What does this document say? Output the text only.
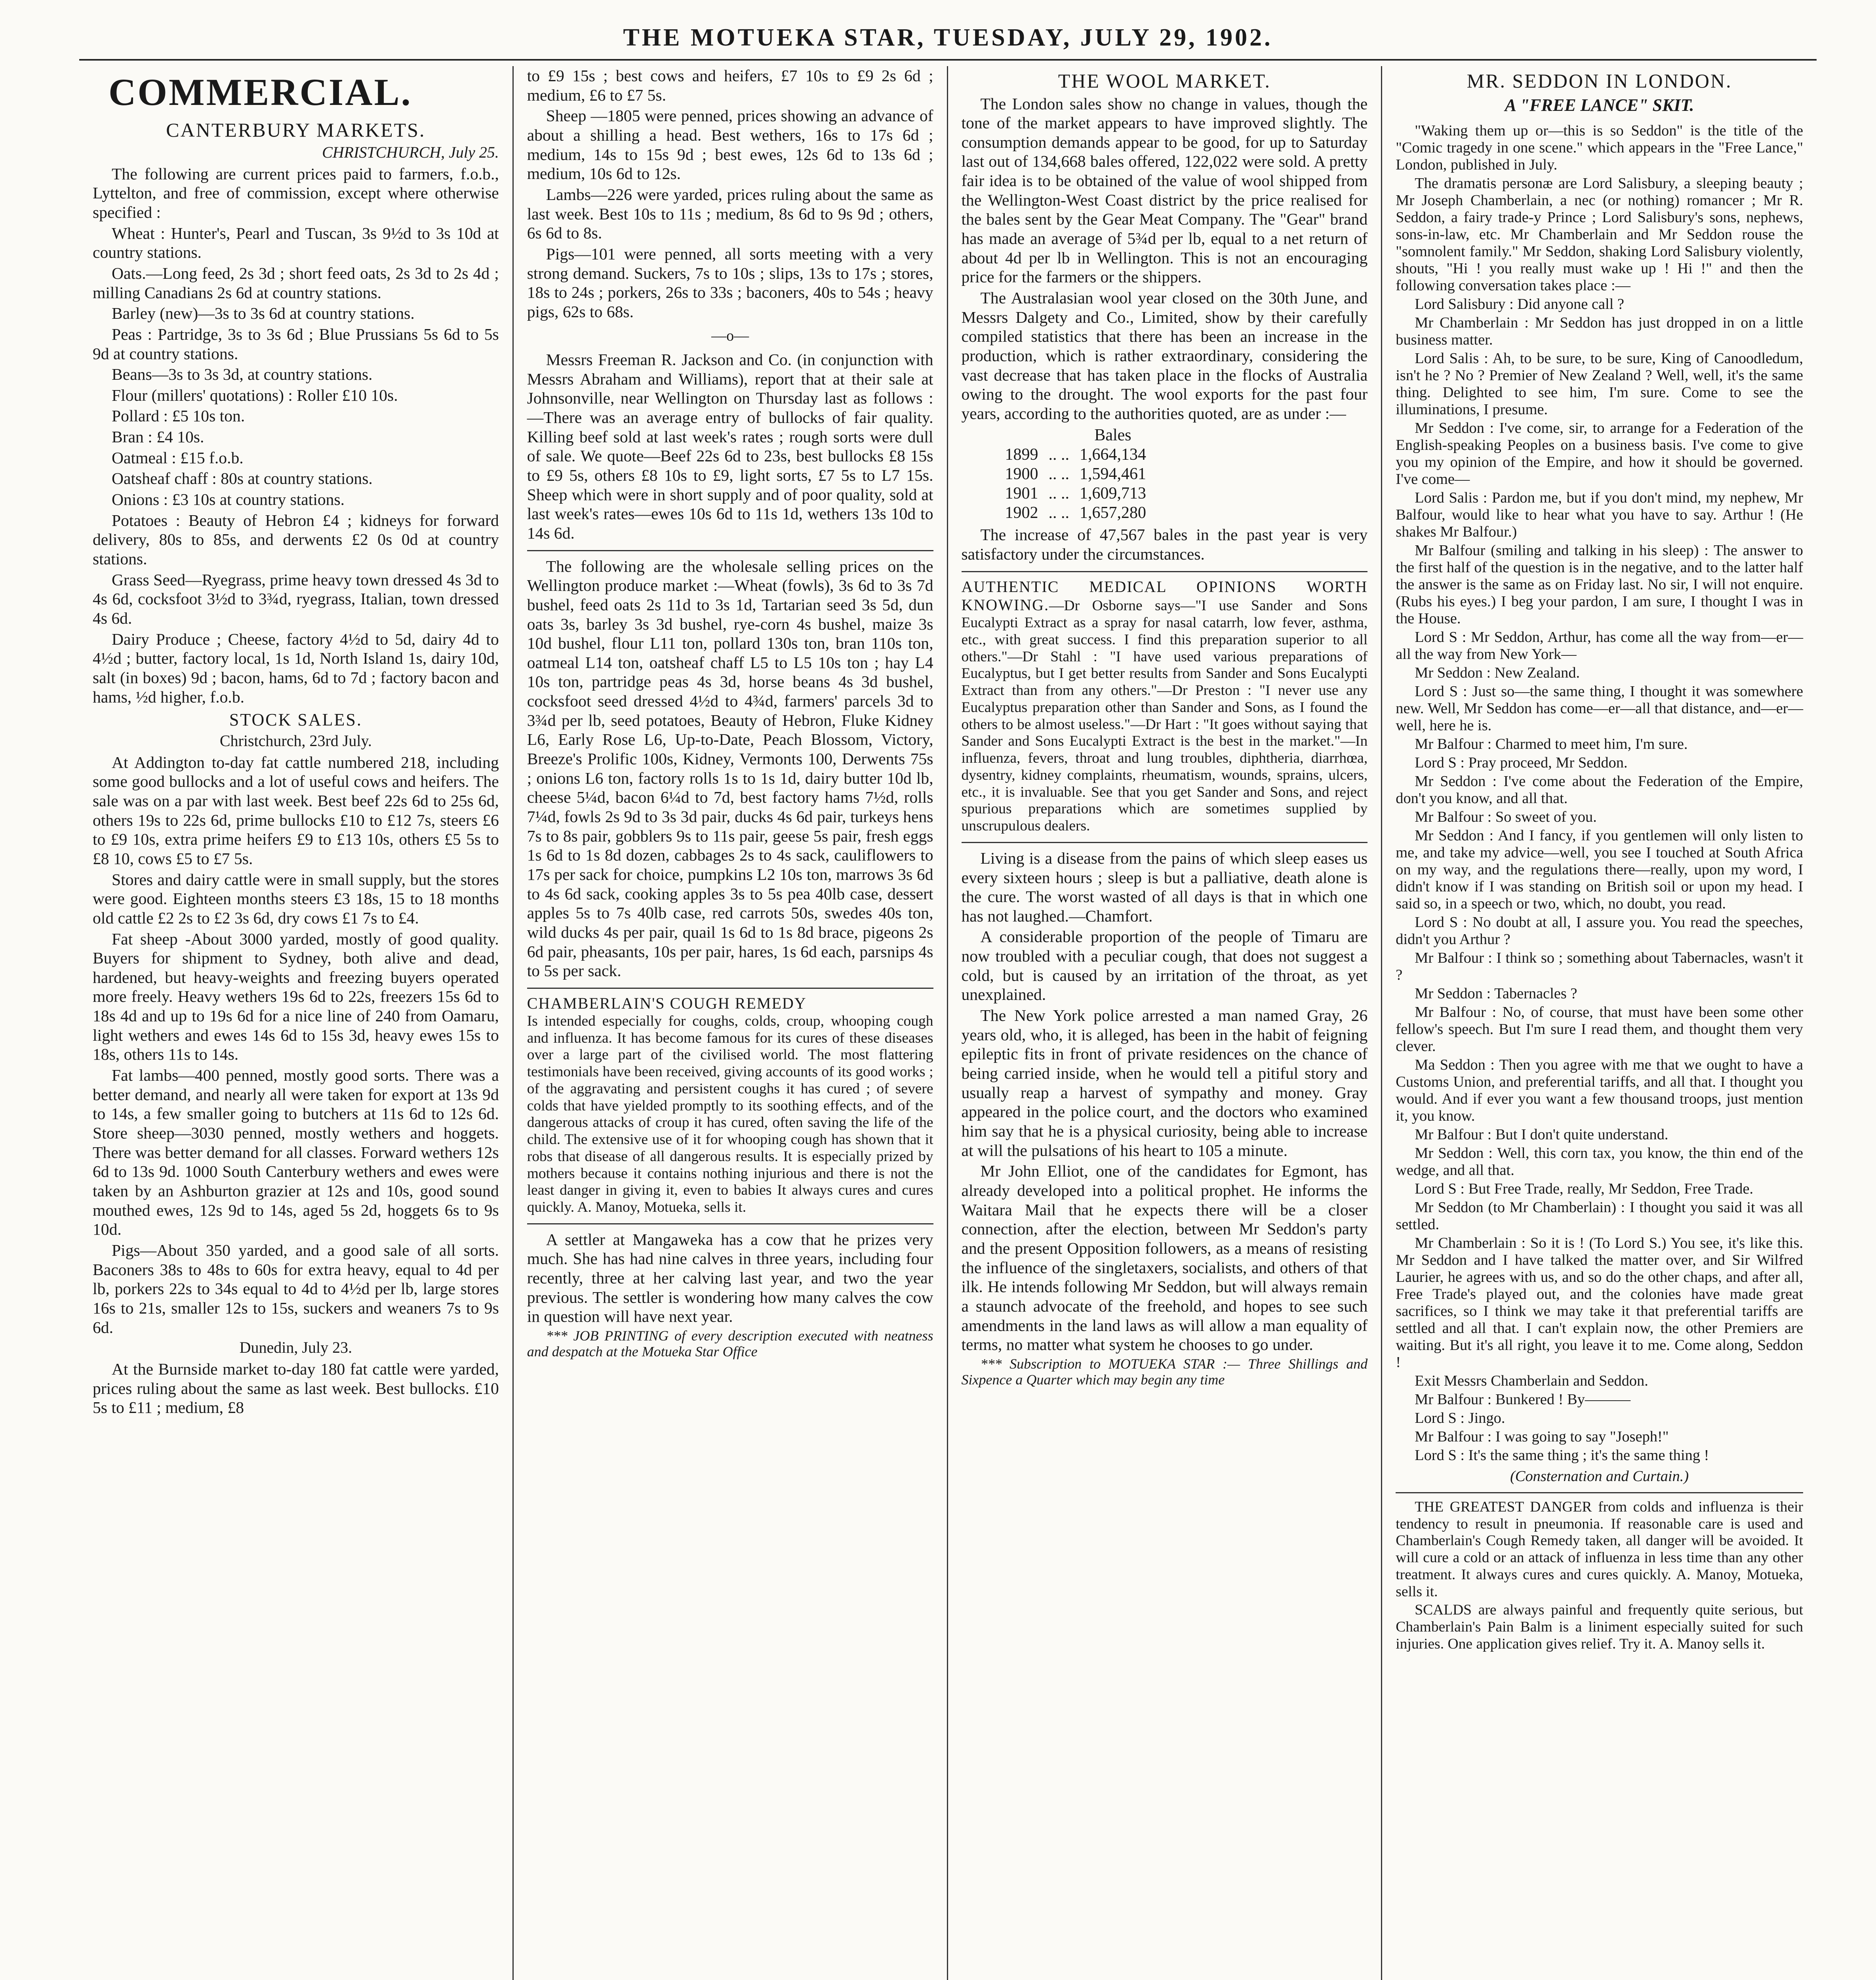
THE MOTUEKA STAR, TUESDAY, JULY 29, 1902.
COMMERCIAL.
CANTERBURY MARKETS.
CHRISTCHURCH, July 25.

The following are current prices paid to farmers, f.o.b., Lyttelton, and free of commission, except where otherwise specified :

Wheat : Hunter's, Pearl and Tuscan, 3s 9½d to 3s 10d at country stations.

Oats.—Long feed, 2s 3d ; short feed oats, 2s 3d to 2s 4d ; milling Canadians 2s 6d at country stations.

Barley (new)—3s to 3s 6d at country stations.

Peas : Partridge, 3s to 3s 6d ; Blue Prussians 5s 6d to 5s 9d at country stations.

Beans—3s to 3s 3d, at country stations.

Flour (millers' quotations) : Roller £10 10s.

Pollard : £5 10s ton.

Bran : £4 10s.

Oatmeal : £15 f.o.b.

Oatsheaf chaff : 80s at country stations.

Onions : £3 10s at country stations.

Potatoes : Beauty of Hebron £4 ; kidneys for forward delivery, 80s to 85s, and derwents £2 0s 0d at country stations.

Grass Seed—Ryegrass, prime heavy town dressed 4s 3d to 4s 6d, cocksfoot 3½d to 3¾d, ryegrass, Italian, town dressed 4s 6d.

Dairy Produce ; Cheese, factory 4½d to 5d, dairy 4d to 4½d ; butter, factory local, 1s 1d, North Island 1s, dairy 10d, salt (in boxes) 9d ; bacon, hams, 6d to 7d ; factory bacon and hams, ½d higher, f.o.b.

STOCK SALES.
Christchurch, 23rd July.

At Addington to-day fat cattle numbered 218, including some good bullocks and a lot of useful cows and heifers. The sale was on a par with last week. Best beef 22s 6d to 25s 6d, others 19s to 22s 6d, prime bullocks £10 to £12 7s, steers £6 to £9 10s, extra prime heifers £9 to £13 10s, others £5 5s to £8 10, cows £5 to £7 5s.

Stores and dairy cattle were in small supply, but the stores were good. Eighteen months steers £3 18s, 15 to 18 months old cattle £2 2s to £2 3s 6d, dry cows £1 7s to £4.

Fat sheep -About 3000 yarded, mostly of good quality. Buyers for shipment to Sydney, both alive and dead, hardened, but heavy-weights and freezing buyers operated more freely. Heavy wethers 19s 6d to 22s, freezers 15s 6d to 18s 4d and up to 19s 6d for a nice line of 240 from Oamaru, light wethers and ewes 14s 6d to 15s 3d, heavy ewes 15s to 18s, others 11s to 14s.

Fat lambs—400 penned, mostly good sorts. There was a better demand, and nearly all were taken for export at 13s 9d to 14s, a few smaller going to butchers at 11s 6d to 12s 6d. Store sheep—3030 penned, mostly wethers and hoggets. There was better demand for all classes. Forward wethers 12s 6d to 13s 9d. 1000 South Canterbury wethers and ewes were taken by an Ashburton grazier at 12s and 10s, good sound mouthed ewes, 12s 9d to 14s, aged 5s 2d, hoggets 6s to 9s 10d.

Pigs—About 350 yarded, and a good sale of all sorts. Baconers 38s to 48s to 60s for extra heavy, equal to 4d per lb, porkers 22s to 34s equal to 4d to 4½d per lb, large stores 16s to 21s, smaller 12s to 15s, suckers and weaners 7s to 9s 6d.

Dunedin, July 23.

At the Burnside market to-day 180 fat cattle were yarded, prices ruling about the same as last week. Best bullocks. £10 5s to £11 ; medium, £8

to £9 15s ; best cows and heifers, £7 10s to £9 2s 6d ; medium, £6 to £7 5s.

Sheep —1805 were penned, prices showing an advance of about a shilling a head. Best wethers, 16s to 17s 6d ; medium, 14s to 15s 9d ; best ewes, 12s 6d to 13s 6d ; medium, 10s 6d to 12s.

Lambs—226 were yarded, prices ruling about the same as last week. Best 10s to 11s ; medium, 8s 6d to 9s 9d ; others, 6s 6d to 8s.

Pigs—101 were penned, all sorts meeting with a very strong demand. Suckers, 7s to 10s ; slips, 13s to 17s ; stores, 18s to 24s ; porkers, 26s to 33s ; baconers, 40s to 54s ; heavy pigs, 62s to 68s.

—o—

Messrs Freeman R. Jackson and Co. (in conjunction with Messrs Abraham and Williams), report that at their sale at Johnsonville, near Wellington on Thursday last as follows :—There was an average entry of bullocks of fair quality. Killing beef sold at last week's rates ; rough sorts were dull of sale. We quote—Beef 22s 6d to 23s, best bullocks £8 15s to £9 5s, others £8 10s to £9, light sorts, £7 5s to L7 15s. Sheep which were in short supply and of poor quality, sold at last week's rates—ewes 10s 6d to 11s 1d, wethers 13s 10d to 14s 6d.

The following are the wholesale selling prices on the Wellington produce market :—Wheat (fowls), 3s 6d to 3s 7d bushel, feed oats 2s 11d to 3s 1d, Tartarian seed 3s 5d, dun oats 3s, barley 3s 3d bushel, rye-corn 4s bushel, maize 3s 10d bushel, flour L11 ton, pollard 130s ton, bran 110s ton, oatmeal L14 ton, oatsheaf chaff L5 to L5 10s ton ; hay L4 10s ton, partridge peas 4s 3d, horse beans 4s 3d bushel, cocksfoot seed dressed 4½d to 4¾d, farmers' parcels 3d to 3¾d per lb, seed potatoes, Beauty of Hebron, Fluke Kidney L6, Early Rose L6, Up-to-Date, Peach Blossom, Victory, Breeze's Prolific 100s, Kidney, Vermonts 100, Derwents 75s ; onions L6 ton, factory rolls 1s to 1s 1d, dairy butter 10d lb, cheese 5¼d, bacon 6¼d to 7d, best factory hams 7½d, rolls 7¼d, fowls 2s 9d to 3s 3d pair, ducks 4s 6d pair, turkeys hens 7s to 8s pair, gobblers 9s to 11s pair, geese 5s pair, fresh eggs 1s 6d to 1s 8d dozen, cabbages 2s to 4s sack, cauliflowers to 17s per sack for choice, pumpkins L2 10s ton, marrows 3s 6d to 4s 6d sack, cooking apples 3s to 5s pea 40lb case, dessert apples 5s to 7s 40lb case, red carrots 50s, swedes 40s ton, wild ducks 4s per pair, quail 1s 6d to 1s 8d brace, pigeons 2s 6d pair, pheasants, 10s per pair, hares, 1s 6d each, parsnips 4s to 5s per sack.

CHAMBERLAIN'S COUGH REMEDY

Is intended especially for coughs, colds, croup, whooping cough and influenza. It has become famous for its cures of these diseases over a large part of the civilised world. The most flattering testimonials have been received, giving accounts of its good works ; of the aggravating and persistent coughs it has cured ; of severe colds that have yielded promptly to its soothing effects, and of the dangerous attacks of croup it has cured, often saving the life of the child. The extensive use of it for whooping cough has shown that it robs that disease of all dangerous results. It is especially prized by mothers because it contains nothing injurious and there is not the least danger in giving it, even to babies It always cures and cures quickly. A. Manoy, Motueka, sells it.

A settler at Mangaweka has a cow that he prizes very much. She has had nine calves in three years, including four recently, three at her calving last year, and two the year previous. The settler is wondering how many calves the cow in question will have next year.

*** JOB PRINTING of every description executed with neatness and despatch at the Motueka Star Office

THE WOOL MARKET.

The London sales show no change in values, though the tone of the market appears to have improved slightly. The consumption demands appear to be good, for up to Saturday last out of 134,668 bales offered, 122,022 were sold. A pretty fair idea is to be obtained of the value of wool shipped from the Wellington-West Coast district by the price realised for the bales sent by the Gear Meat Company. The "Gear" brand has made an average of 5¾d per lb, equal to a net return of about 4d per lb in Wellington. This is not an encouraging price for the farmers or the shippers.

The Australasian wool year closed on the 30th June, and Messrs Dalgety and Co., Limited, show by their carefully compiled statistics that there has been an increase in the production, which is rather extraordinary, considering the vast decrease that has taken place in the flocks of Australia owing to the drought. The wool exports for the past four years, according to the authorities quoted, are as under :—

		Bales
1899	.. ..	1,664,134
1900	.. ..	1,594,461
1901	.. ..	1,609,713
1902	.. ..	1,657,280

The increase of 47,567 bales in the past year is very satisfactory under the circumstances.

AUTHENTIC MEDICAL OPINIONS WORTH KNOWING.—Dr Osborne says—"I use Sander and Sons Eucalypti Extract as a spray for nasal catarrh, low fever, asthma, etc., with great success. I find this preparation superior to all others."—Dr Stahl : "I have used various preparations of Eucalyptus, but I get better results from Sander and Sons Eucalypti Extract than from any others."—Dr Preston : "I never use any Eucalyptus preparation other than Sander and Sons, as I found the others to be almost useless."—Dr Hart : "It goes without saying that Sander and Sons Eucalypti Extract is the best in the market."—In influenza, fevers, throat and lung troubles, diphtheria, diarrhœa, dysentry, kidney complaints, rheumatism, wounds, sprains, ulcers, etc., it is invaluable. See that you get Sander and Sons, and reject spurious preparations which are sometimes supplied by unscrupulous dealers.

Living is a disease from the pains of which sleep eases us every sixteen hours ; sleep is but a palliative, death alone is the cure. The worst wasted of all days is that in which one has not laughed.—Chamfort.

A considerable proportion of the people of Timaru are now troubled with a peculiar cough, that does not suggest a cold, but is caused by an irritation of the throat, as yet unexplained.

The New York police arrested a man named Gray, 26 years old, who, it is alleged, has been in the habit of feigning epileptic fits in front of private residences on the chance of being carried inside, when he would tell a pitiful story and usually reap a harvest of sympathy and money. Gray appeared in the police court, and the doctors who examined him say that he is a physical curiosity, being able to increase at will the pulsations of his heart to 105 a minute.

Mr John Elliot, one of the candidates for Egmont, has already developed into a political prophet. He informs the Waitara Mail that he expects there will be a closer connection, after the election, between Mr Seddon's party and the present Opposition followers, as a means of resisting the influence of the singletaxers, socialists, and others of that ilk. He intends following Mr Seddon, but will always remain a staunch advocate of the freehold, and hopes to see such amendments in the land laws as will allow a man equality of terms, no matter what system he chooses to go under.

*** Subscription to MOTUEKA STAR :— Three Shillings and Sixpence a Quarter which may begin any time

MR. SEDDON IN LONDON.
A "FREE LANCE" SKIT.

"Waking them up or—this is so Seddon" is the title of the "Comic tragedy in one scene." which appears in the "Free Lance," London, published in July.

The dramatis personæ are Lord Salisbury, a sleeping beauty ; Mr Joseph Chamberlain, a nec (or nothing) romancer ; Mr R. Seddon, a fairy trade-y Prince ; Lord Salisbury's sons, nephews, sons-in-law, etc. Mr Chamberlain and Mr Seddon rouse the "somnolent family." Mr Seddon, shaking Lord Salisbury violently, shouts, "Hi ! you really must wake up ! Hi !" and then the following conversation takes place :—

Lord Salisbury : Did anyone call ?

Mr Chamberlain : Mr Seddon has just dropped in on a little business matter.

Lord Salis : Ah, to be sure, to be sure, King of Canoodledum, isn't he ? No ? Premier of New Zealand ? Well, well, it's the same thing. Delighted to see him, I'm sure. Come to see the illuminations, I presume.

Mr Seddon : I've come, sir, to arrange for a Federation of the English-speaking Peoples on a business basis. I've come to give you my opinion of the Empire, and how it should be governed. I've come—

Lord Salis : Pardon me, but if you don't mind, my nephew, Mr Balfour, would like to hear what you have to say. Arthur ! (He shakes Mr Balfour.)

Mr Balfour (smiling and talking in his sleep) : The answer to the first half of the question is in the negative, and to the latter half the answer is the same as on Friday last. No sir, I will not enquire. (Rubs his eyes.) I beg your pardon, I am sure, I thought I was in the House.

Lord S : Mr Seddon, Arthur, has come all the way from—er—all the way from New York—

Mr Seddon : New Zealand.

Lord S : Just so—the same thing, I thought it was somewhere new. Well, Mr Seddon has come—er—all that distance, and—er—well, here he is.

Mr Balfour : Charmed to meet him, I'm sure.

Lord S : Pray proceed, Mr Seddon.

Mr Seddon : I've come about the Federation of the Empire, don't you know, and all that.

Mr Balfour : So sweet of you.

Mr Seddon : And I fancy, if you gentlemen will only listen to me, and take my advice—well, you see I touched at South Africa on my way, and the regulations there—really, upon my word, I didn't know if I was standing on British soil or upon my head. I said so, in a speech or two, which, no doubt, you read.

Lord S : No doubt at all, I assure you. You read the speeches, didn't you Arthur ?

Mr Balfour : I think so ; something about Tabernacles, wasn't it ?

Mr Seddon : Tabernacles ?

Mr Balfour : No, of course, that must have been some other fellow's speech. But I'm sure I read them, and thought them very clever.

Ma Seddon : Then you agree with me that we ought to have a Customs Union, and preferential tariffs, and all that. I thought you would. And if ever you want a few thousand troops, just mention it, you know.

Mr Balfour : But I don't quite understand.

Mr Seddon : Well, this corn tax, you know, the thin end of the wedge, and all that.

Lord S : But Free Trade, really, Mr Seddon, Free Trade.

Mr Seddon (to Mr Chamberlain) : I thought you said it was all settled.

Mr Chamberlain : So it is ! (To Lord S.) You see, it's like this. Mr Seddon and I have talked the matter over, and Sir Wilfred Laurier, he agrees with us, and so do the other chaps, and after all, Free Trade's played out, and the colonies have made great sacrifices, so I think we may take it that preferential tariffs are settled and all that. I can't explain now, the other Premiers are waiting. But it's all right, you leave it to me. Come along, Seddon !

Exit Messrs Chamberlain and Seddon.

Mr Balfour : Bunkered ! By———

Lord S : Jingo.

Mr Balfour : I was going to say "Joseph!"

Lord S : It's the same thing ; it's the same thing !

(Consternation and Curtain.)

THE GREATEST DANGER from colds and influenza is their tendency to result in pneumonia. If reasonable care is used and Chamberlain's Cough Remedy taken, all danger will be avoided. It will cure a cold or an attack of influenza in less time than any other treatment. It always cures and cures quickly. A. Manoy, Motueka, sells it.

SCALDS are always painful and frequently quite serious, but Chamberlain's Pain Balm is a liniment especially suited for such injuries. One application gives relief. Try it. A. Manoy sells it.
